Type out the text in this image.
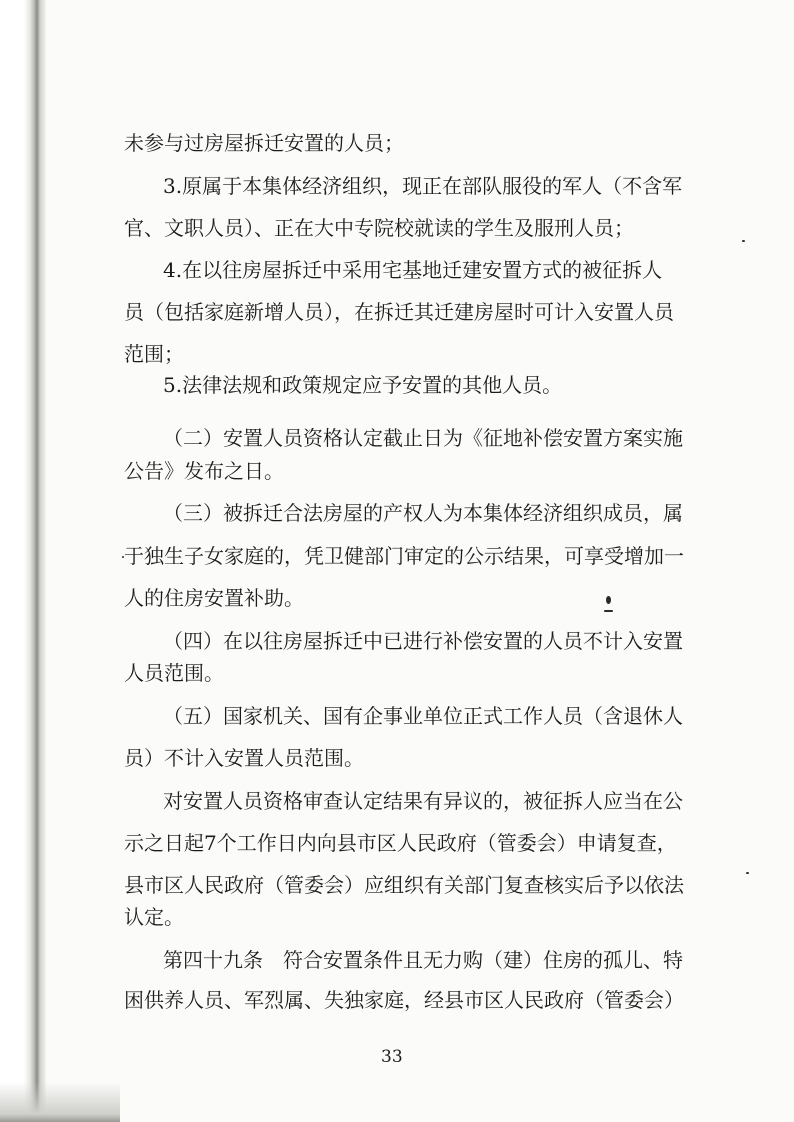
未参与过房屋拆迁安置的人员；
3.原属于本集体经济组织，现正在部队服役的军人（不含军
官、文职人员）、正在大中专院校就读的学生及服刑人员；
4.在以往房屋拆迁中采用宅基地迁建安置方式的被征拆人
员（包括家庭新增人员），在拆迁其迁建房屋时可计入安置人员
范围；
5.法律法规和政策规定应予安置的其他人员。
（二）安置人员资格认定截止日为《征地补偿安置方案实施
公告》发布之日。
（三）被拆迁合法房屋的产权人为本集体经济组织成员，属
于独生子女家庭的，凭卫健部门审定的公示结果，可享受增加一
人的住房安置补助。
（四）在以往房屋拆迁中已进行补偿安置的人员不计入安置
人员范围。
（五）国家机关、国有企事业单位正式工作人员（含退休人
员）不计入安置人员范围。
对安置人员资格审查认定结果有异议的，被征拆人应当在公
示之日起7个工作日内向县市区人民政府（管委会）申请复查，
县市区人民政府（管委会）应组织有关部门复查核实后予以依法
认定。
第四十九条　符合安置条件且无力购（建）住房的孤儿、特
困供养人员、军烈属、失独家庭，经县市区人民政府（管委会）
33
